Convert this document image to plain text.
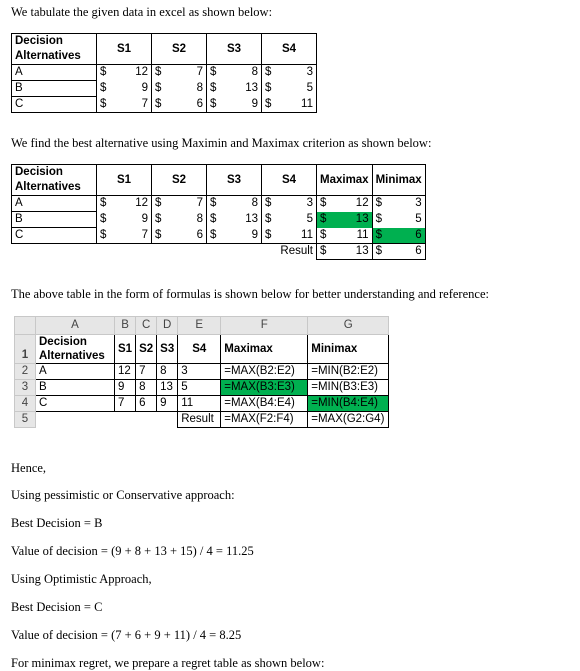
We tabulate the given data in excel as shown below:
Decision
Alternatives	S1	S2	S3	S4
A	$ 12	$ 7	$ 8	$ 3

B	$ 9	$ 8	$ 13	$ 5

C	$ 7	$ 6	$ 9	$ 11
We find the best alternative using Maximin and Maximax criterion as shown below:
Decision
Alternatives	S1	S2	S3	S4	Maximax	Minimax
A	$ 12	$ 7	$ 8	$ 3	$ 12	$ 3

B	$ 9	$ 8	$ 13	$ 5	$ 13	$ 5

C	$ 7	$ 6	$ 9	$ 11	$ 11	$ 6

				Result	$ 13	$ 6
The above table in the form of formulas is shown below for better understanding and reference:
	A	B	C	D	E	F	G
1	Decision
Alternatives	S1	S2	S3	S4	Maximax	Minimax
2	A	12	7	8	3	=MAX(B2:E2)	=MIN(B2:E2)
3	B	9	8	13	5	=MAX(B3:E3)	=MIN(B3:E3)
4	C	7	6	9	11	=MAX(B4:E4)	=MIN(B4:E4)
5					Result	=MAX(F2:F4)	=MAX(G2:G4)
Hence,
Using pessimistic or Conservative approach:
Best Decision = B
Value of decision = (9 + 8 + 13 + 15) / 4 = 11.25
Using Optimistic Approach,
Best Decision = C
Value of decision = (7 + 6 + 9 + 11) / 4 = 8.25
For minimax regret, we prepare a regret table as shown below:
